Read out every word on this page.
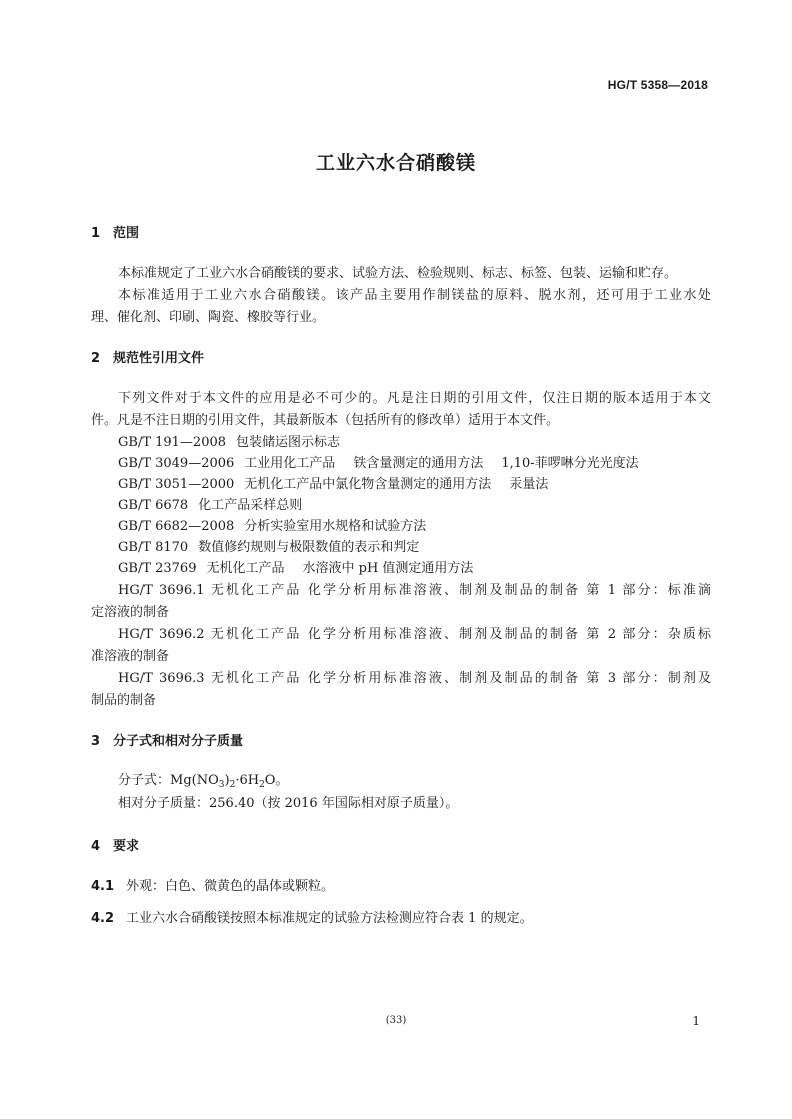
HG/T 5358—2018
工业六水合硝酸镁
1 范围
本标准规定了工业六水合硝酸镁的要求、试验方法、检验规则、标志、标签、包装、运输和贮存。
本标准适用于工业六水合硝酸镁。该产品主要用作制镁盐的原料、脱水剂，还可用于工业水处
理、催化剂、印刷、陶瓷、橡胶等行业。
2 规范性引用文件
下列文件对于本文件的应用是必不可少的。凡是注日期的引用文件，仅注日期的版本适用于本文
件。凡是不注日期的引用文件，其最新版本（包括所有的修改单）适用于本文件。
GB/T 191—2008 包装储运图示标志
GB/T 3049—2006 工业用化工产品 铁含量测定的通用方法 1,10-菲啰啉分光光度法
GB/T 3051—2000 无机化工产品中氯化物含量测定的通用方法 汞量法
GB/T 6678 化工产品采样总则
GB/T 6682—2008 分析实验室用水规格和试验方法
GB/T 8170 数值修约规则与极限数值的表示和判定
GB/T 23769 无机化工产品 水溶液中 pH 值测定通用方法
HG/T 3696.1 无机化工产品 化学分析用标准溶液、制剂及制品的制备 第 1 部分：标准滴
定溶液的制备
HG/T 3696.2 无机化工产品 化学分析用标准溶液、制剂及制品的制备 第 2 部分：杂质标
准溶液的制备
HG/T 3696.3 无机化工产品 化学分析用标准溶液、制剂及制品的制备 第 3 部分：制剂及
制品的制备
3 分子式和相对分子质量
分子式：$Mg(NO_3)_2\cdot 6H_2O$。
相对分子质量：256.40（按 2016 年国际相对原子质量）。
4 要求
4.1 外观：白色、微黄色的晶体或颗粒。
4.2 工业六水合硝酸镁按照本标准规定的试验方法检测应符合表 1 的规定。
(33)	1
